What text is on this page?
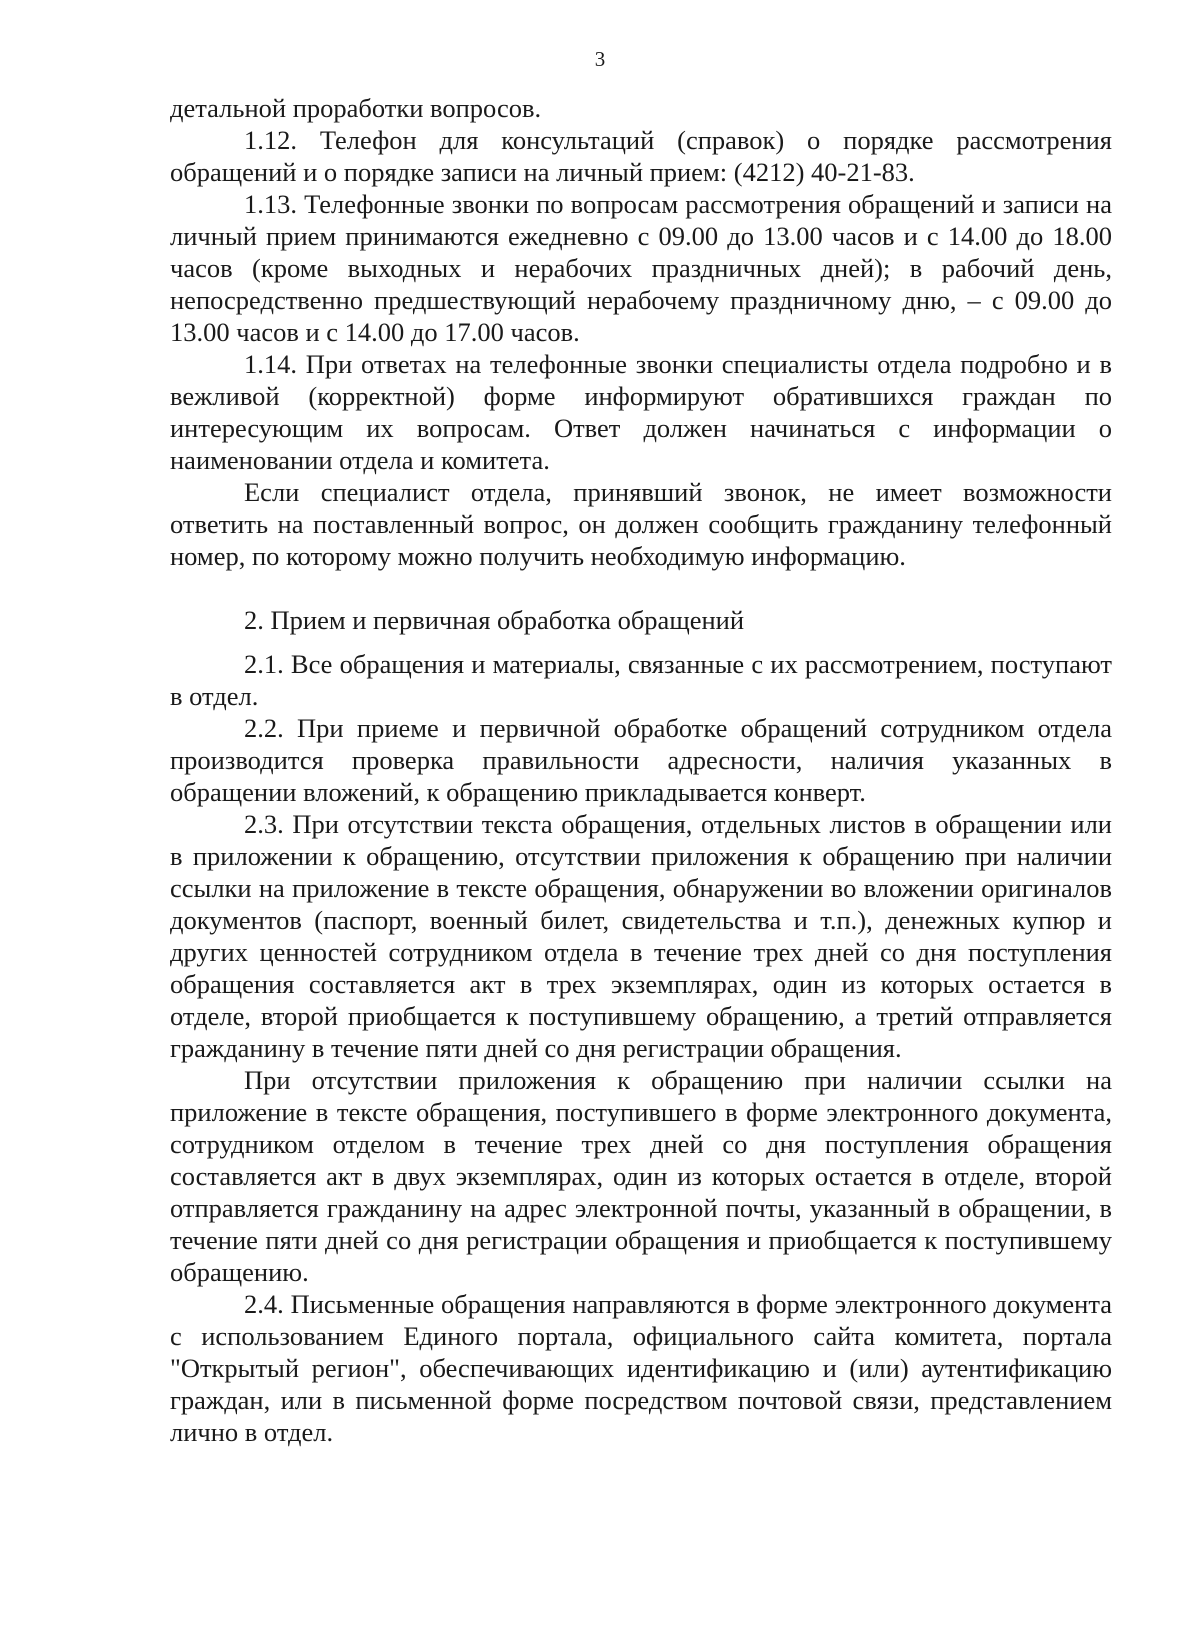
3

детальной проработки вопросов.

1.12. Телефон для консультаций (справок) о порядке рассмотрения обращений и о порядке записи на личный прием: (4212) 40-21-83.

1.13. Телефонные звонки по вопросам рассмотрения обращений и записи на личный прием принимаются ежедневно с 09.00 до 13.00 часов и с 14.00 до 18.00 часов (кроме выходных и нерабочих праздничных дней); в рабочий день, непосредственно предшествующий нерабочему праздничному дню, – с 09.00 до 13.00 часов и с 14.00 до 17.00 часов.

1.14. При ответах на телефонные звонки специалисты отдела подробно и в вежливой (корректной) форме информируют обратившихся граждан по интересующим их вопросам. Ответ должен начинаться с информации о наименовании отдела и комитета.

Если специалист отдела, принявший звонок, не имеет возможности ответить на поставленный вопрос, он должен сообщить гражданину телефонный номер, по которому можно получить необходимую информацию.

2. Прием и первичная обработка обращений

2.1. Все обращения и материалы, связанные с их рассмотрением, поступают в отдел.

2.2. При приеме и первичной обработке обращений сотрудником отдела производится проверка правильности адресности, наличия указанных в обращении вложений, к обращению прикладывается конверт.

2.3. При отсутствии текста обращения, отдельных листов в обращении или в приложении к обращению, отсутствии приложения к обращению при наличии ссылки на приложение в тексте обращения, обнаружении во вложении оригиналов документов (паспорт, военный билет, свидетельства и т.п.), денежных купюр и других ценностей сотрудником отдела в течение трех дней со дня поступления обращения составляется акт в трех экземплярах, один из которых остается в отделе, второй приобщается к поступившему обращению, а третий отправляется гражданину в течение пяти дней со дня регистрации обращения.

При отсутствии приложения к обращению при наличии ссылки на приложение в тексте обращения, поступившего в форме электронного документа, сотрудником отделом в течение трех дней со дня поступления обращения составляется акт в двух экземплярах, один из которых остается в отделе, второй отправляется гражданину на адрес электронной почты, указанный в обращении, в течение пяти дней со дня регистрации обращения и приобщается к поступившему обращению.

2.4. Письменные обращения направляются в форме электронного документа с использованием Единого портала, официального сайта комитета, портала "Открытый регион", обеспечивающих идентификацию и (или) аутентификацию граждан, или в письменной форме посредством почтовой связи, представлением лично в отдел.
